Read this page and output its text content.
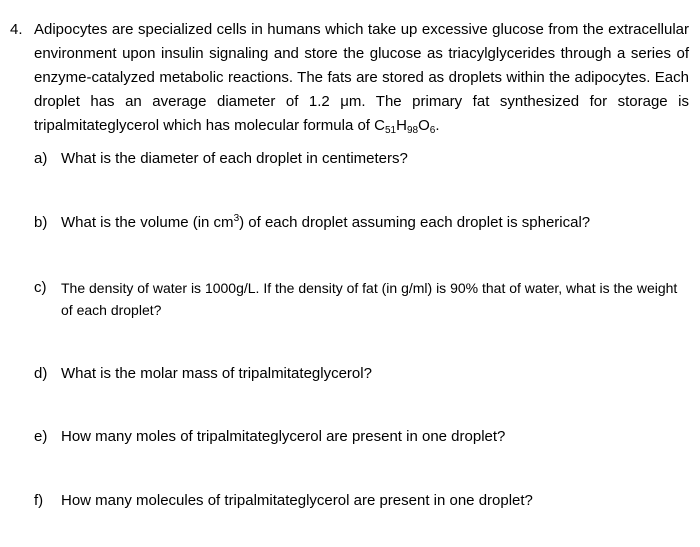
4. Adipocytes are specialized cells in humans which take up excessive glucose from the extracellular environment upon insulin signaling and store the glucose as triacylglycerides through a series of enzyme-catalyzed metabolic reactions. The fats are stored as droplets within the adipocytes. Each droplet has an average diameter of 1.2 μm. The primary fat synthesized for storage is tripalmitateglycerol which has molecular formula of $C_{51}H_{98}O_6$.
a) What is the diameter of each droplet in centimeters?
b) What is the volume (in $cm^3$) of each droplet assuming each droplet is spherical?
c) The density of water is 1000g/L. If the density of fat (in g/ml) is 90% that of water, what is the weight of each droplet?
d) What is the molar mass of tripalmitateglycerol?
e) How many moles of tripalmitateglycerol are present in one droplet?
f) How many molecules of tripalmitateglycerol are present in one droplet?
